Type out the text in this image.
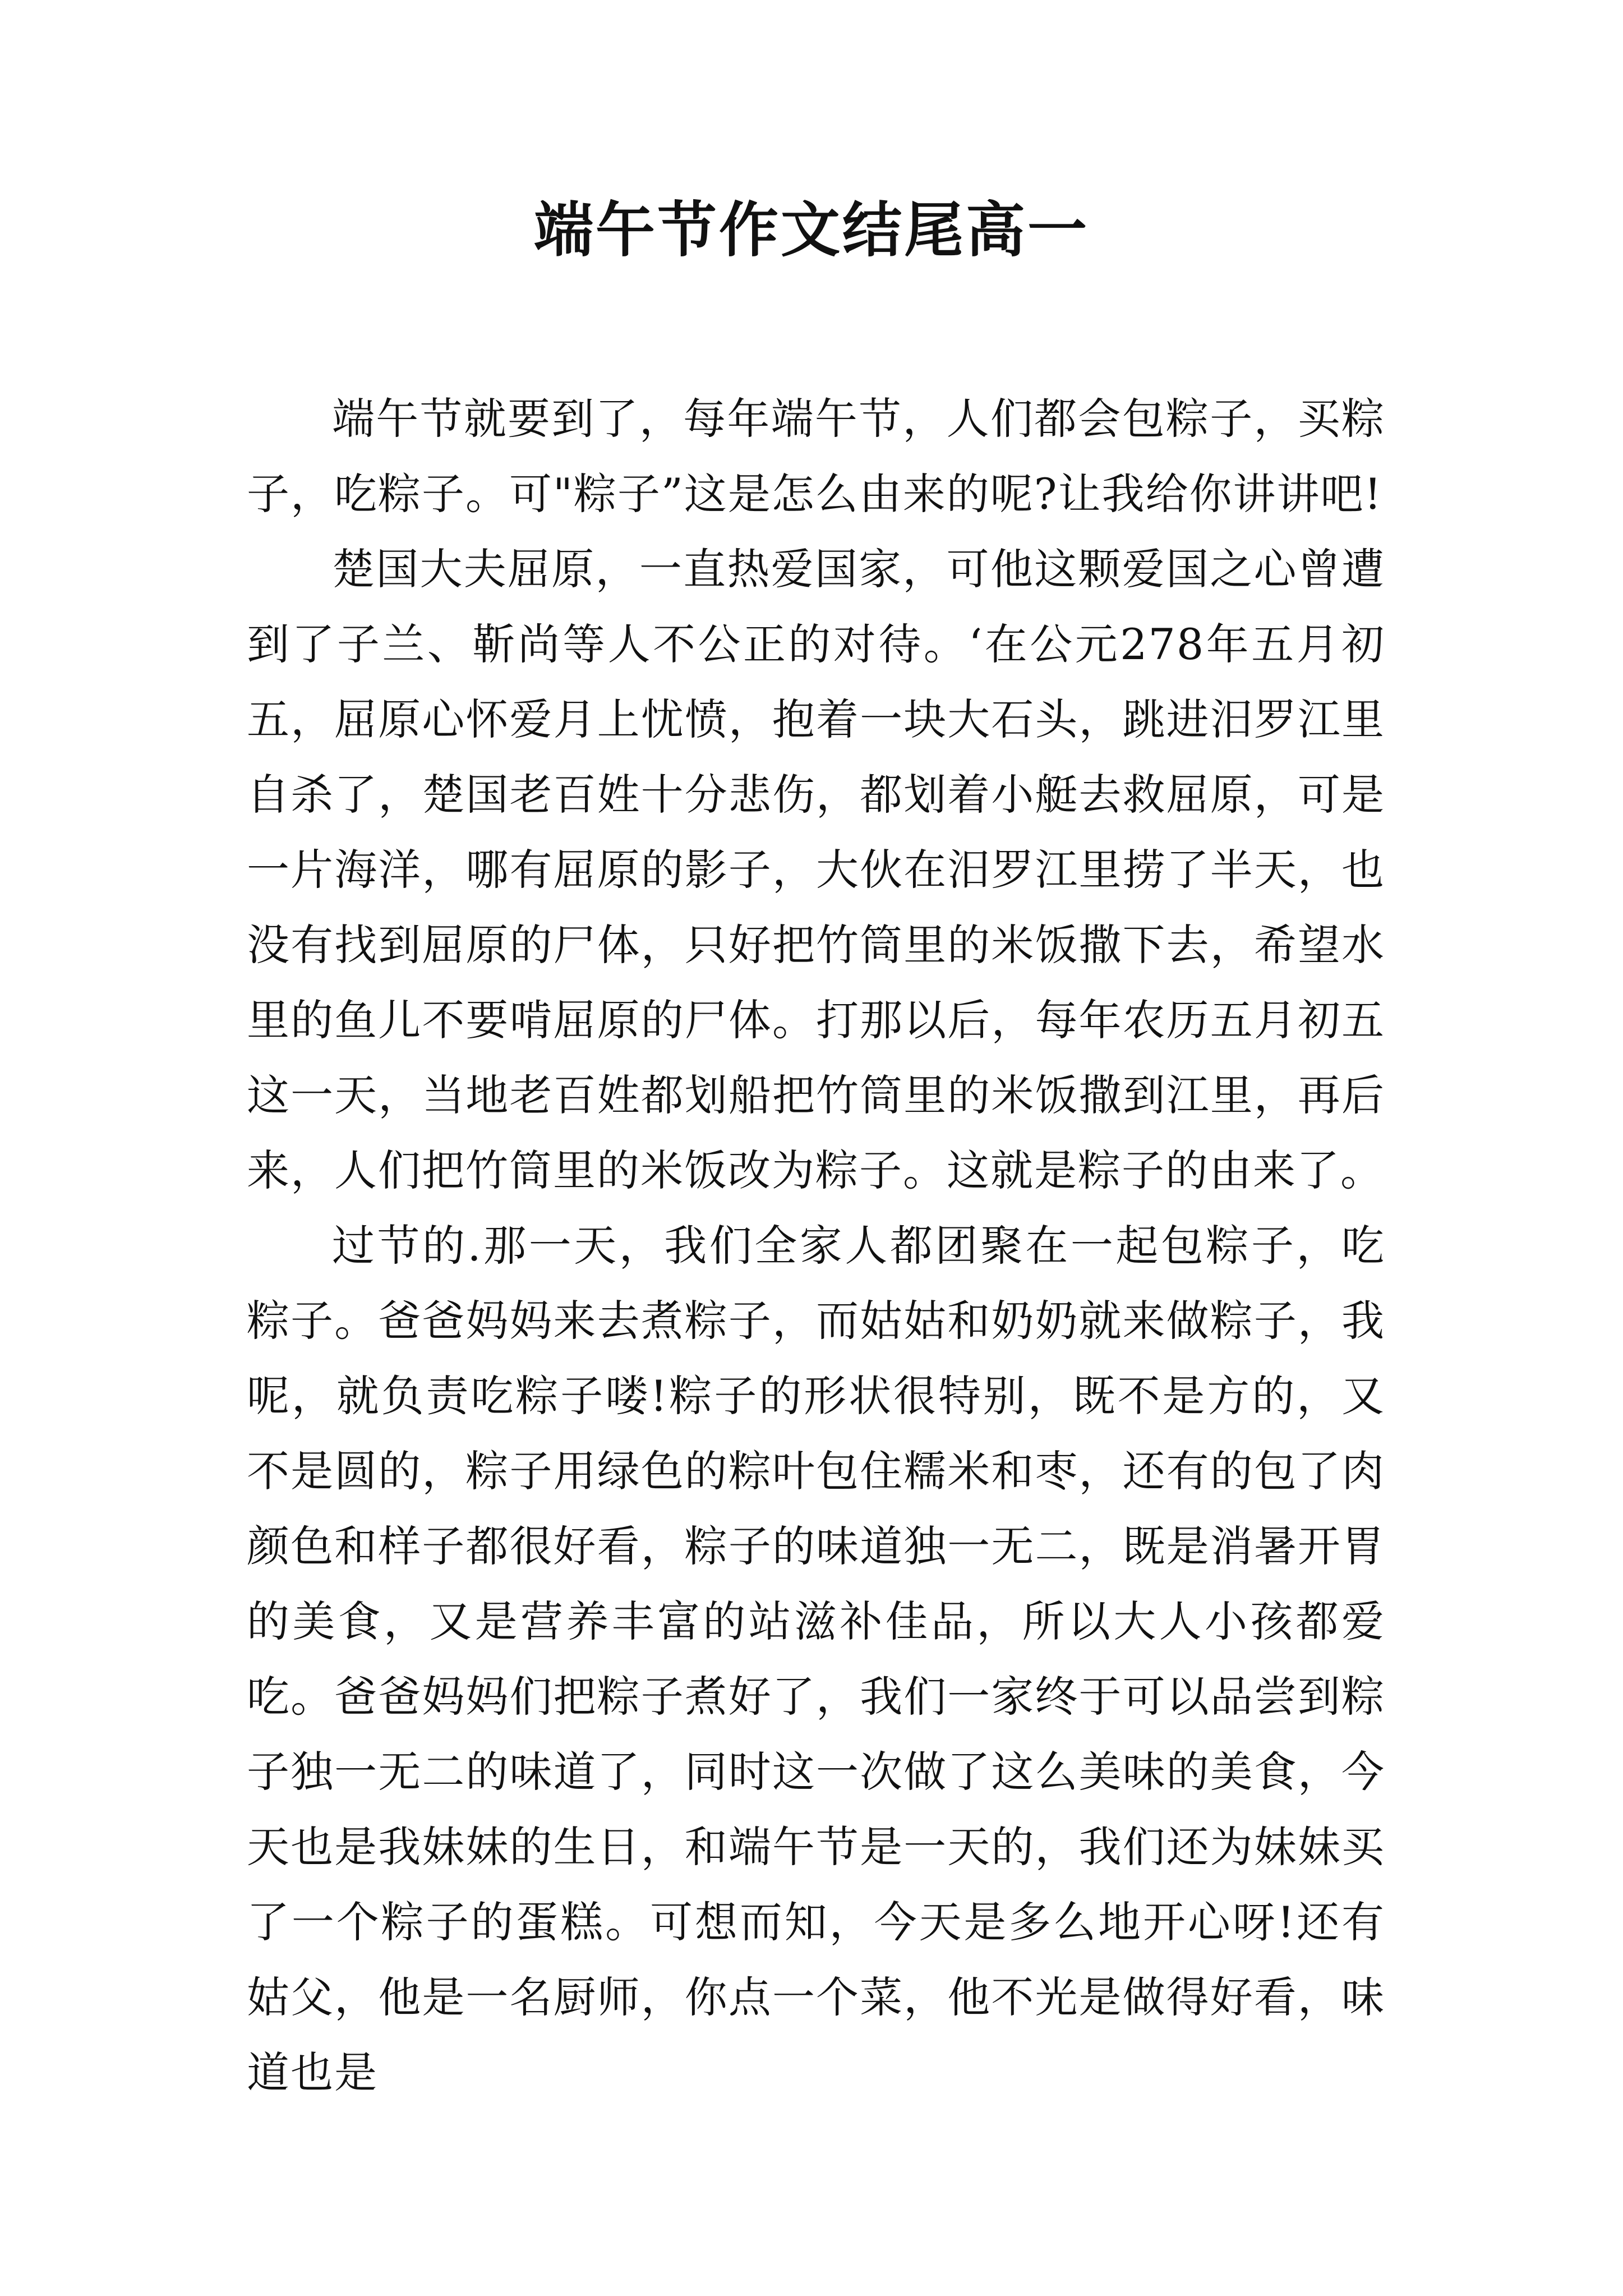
端午节作文结尾高一

端午节就要到了，每年端午节，人们都会包粽子，买粽子，吃粽子。可"粽子”这是怎么由来的呢?让我给你讲讲吧!

楚国大夫屈原，一直热爱国家，可他这颗爱国之心曾遭到了子兰、靳尚等人不公正的对待。‘在公元278年五月初五，屈原心怀爱月上忧愤，抱着一块大石头，跳进汨罗江里自杀了，楚国老百姓十分悲伤，都划着小艇去救屈原，可是一片海洋，哪有屈原的影子，大伙在汨罗江里捞了半天，也没有找到屈原的尸体，只好把竹筒里的米饭撒下去，希望水里的鱼儿不要啃屈原的尸体。打那以后，每年农历五月初五这一天，当地老百姓都划船把竹筒里的米饭撒到江里，再后来，人们把竹筒里的米饭改为粽子。这就是粽子的由来了。

过节的.那一天，我们全家人都团聚在一起包粽子，吃粽子。爸爸妈妈来去煮粽子，而姑姑和奶奶就来做粽子，我呢，就负责吃粽子喽!粽子的形状很特别，既不是方的，又不是圆的，粽子用绿色的粽叶包住糯米和枣，还有的包了肉颜色和样子都很好看，粽子的味道独一无二，既是消暑开胃的美食，又是营养丰富的站滋补佳品，所以大人小孩都爱吃。爸爸妈妈们把粽子煮好了，我们一家终于可以品尝到粽子独一无二的味道了，同时这一次做了这么美味的美食，今天也是我妹妹的生日，和端午节是一天的，我们还为妹妹买了一个粽子的蛋糕。可想而知，今天是多么地开心呀!还有姑父，他是一名厨师，你点一个菜，他不光是做得好看，味道也是
